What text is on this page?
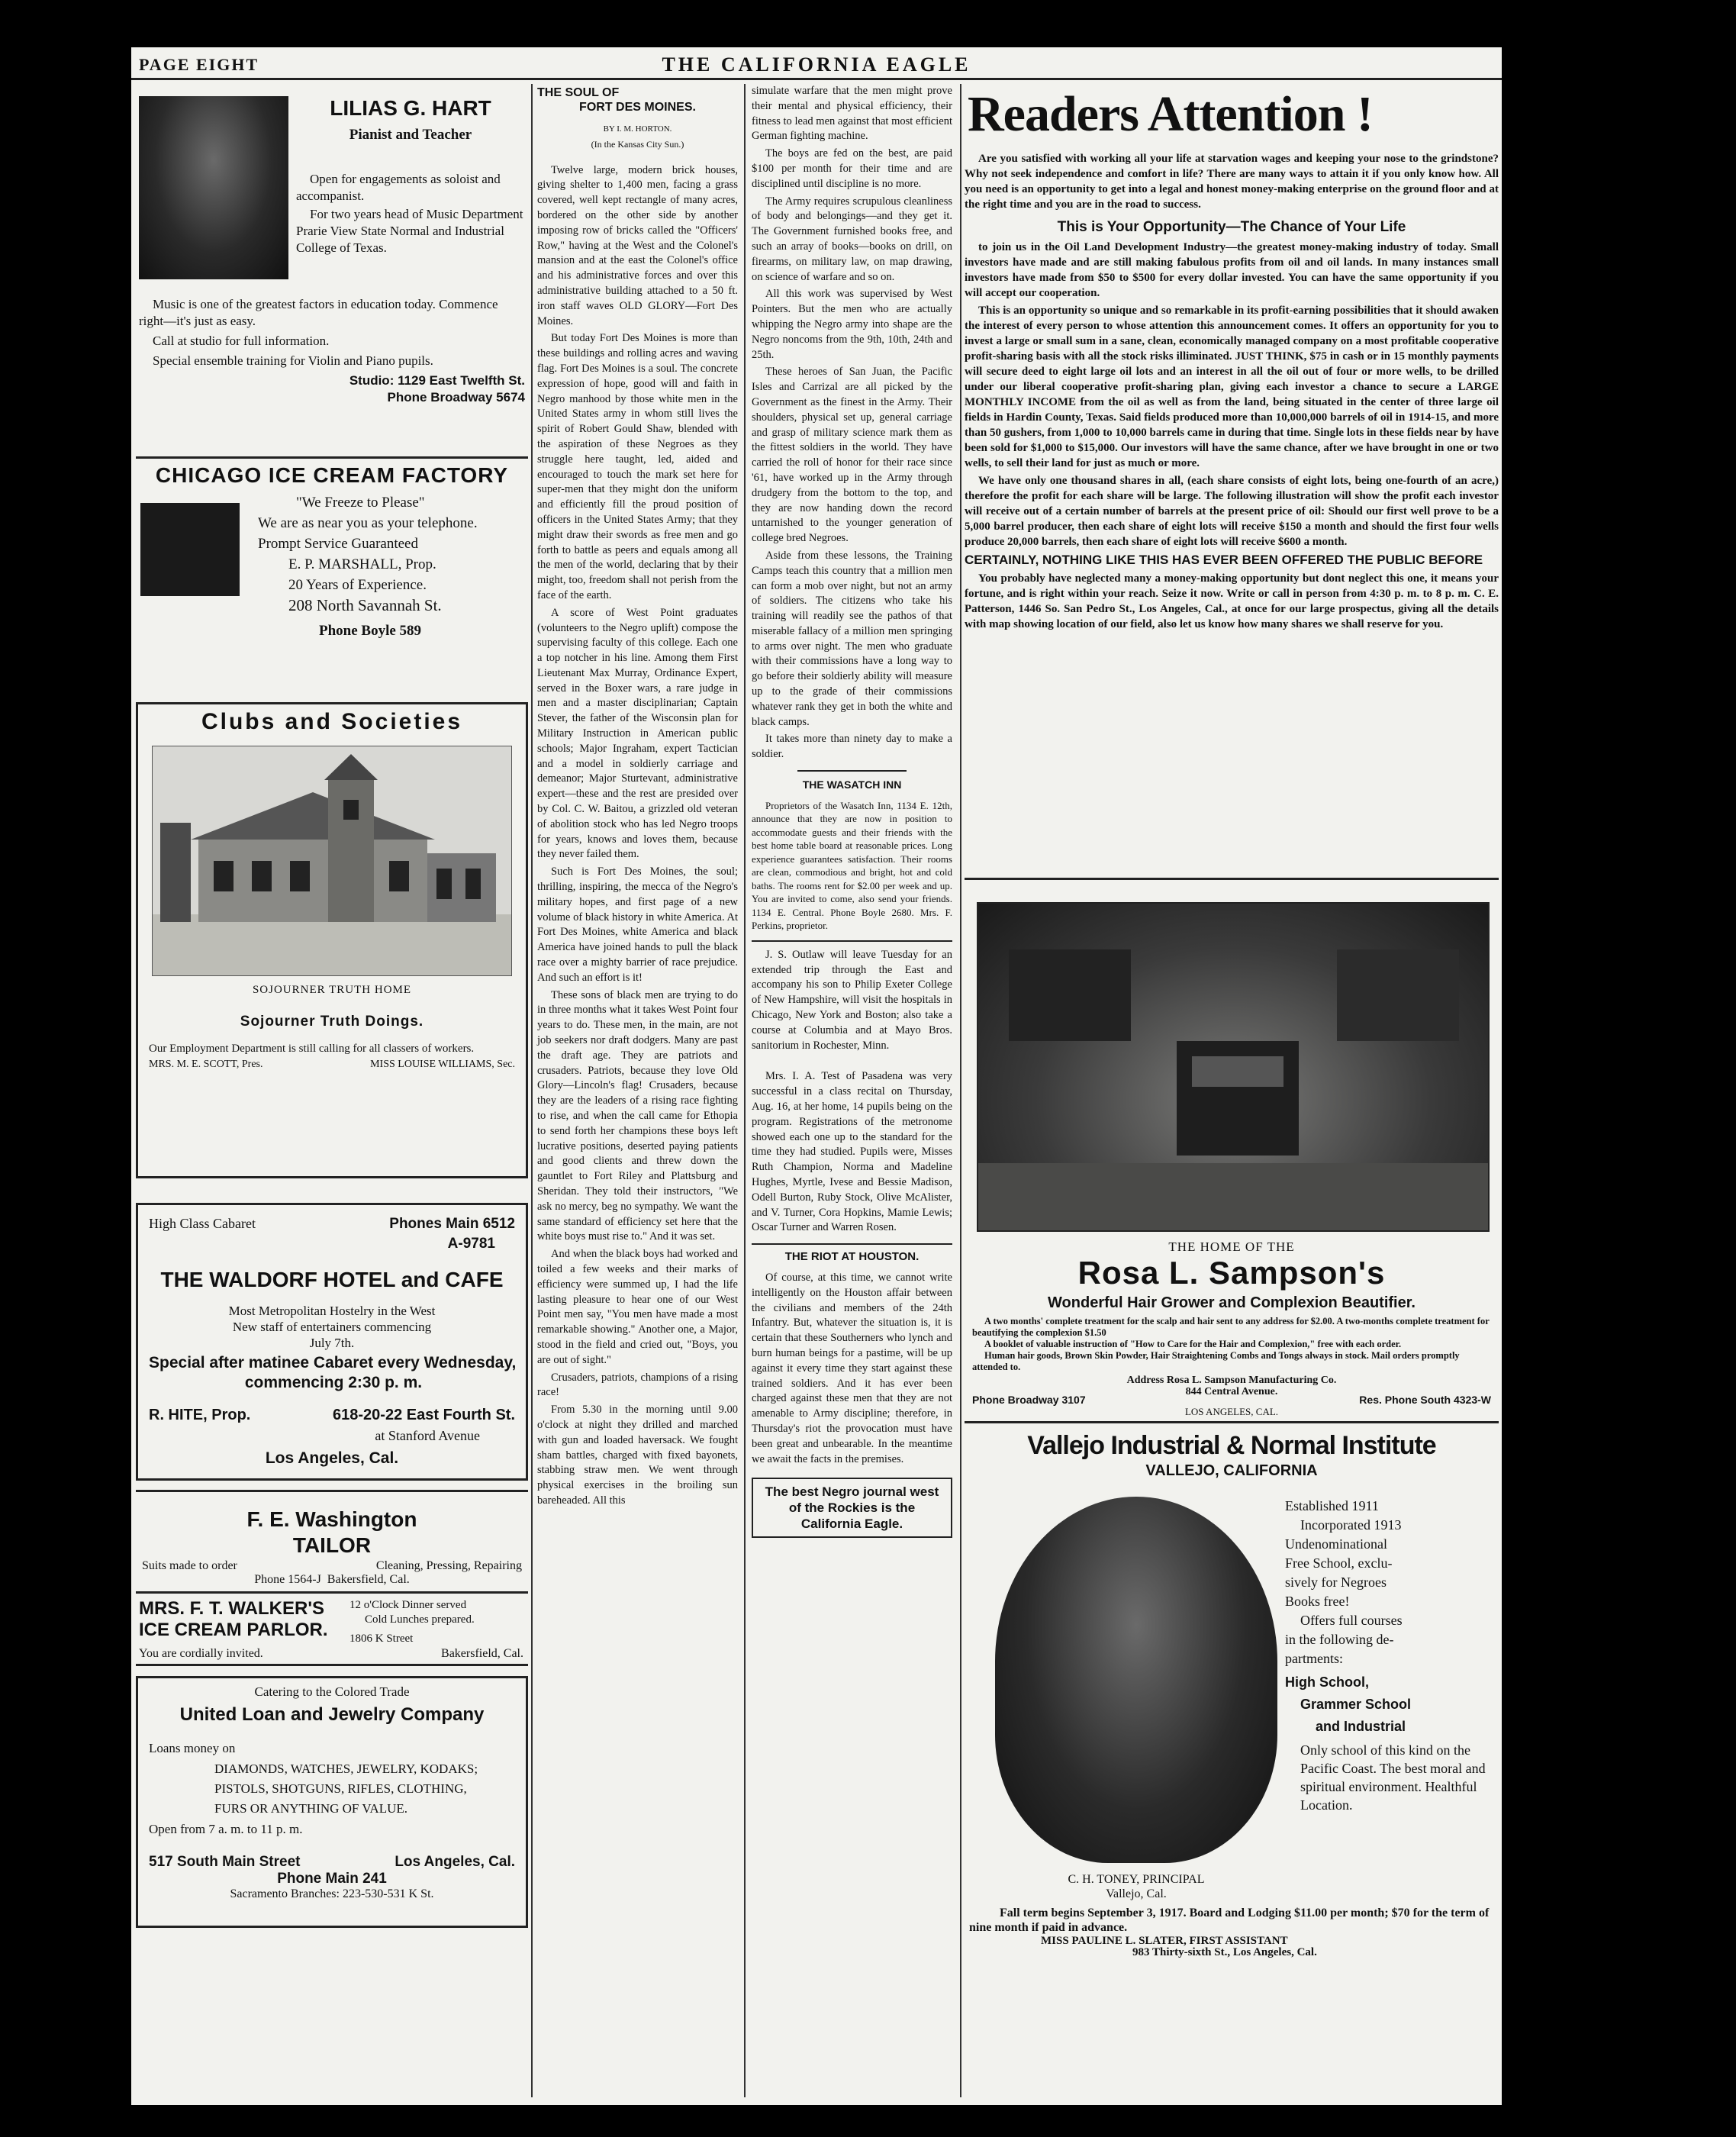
PAGE EIGHT	THE CALIFORNIA EAGLE
LILIAS G. HART
Pianist and Teacher

Open for engagements as soloist and accompanist.

For two years head of Music Department Prarie View State Normal and Industrial College of Texas.

Music is one of the greatest factors in education today. Commence right—it's just as easy.

Call at studio for full information.

Special ensemble training for Violin and Piano pupils.

Studio: 1129 East Twelfth St.
Phone Broadway 5674
CHICAGO ICE CREAM FACTORY
"We Freeze to Please"
We are as near you as your telephone.
Prompt Service Guaranteed
E. P. MARSHALL, Prop.
20 Years of Experience.
208 North Savannah St.
Phone Boyle 589
Clubs and Societies
SOJOURNER TRUTH HOME
Sojourner Truth Doings.
Our Employment Department is still calling for all classers of workers.
MRS. M. E. SCOTT, Pres.	MISS LOUISE WILLIAMS, Sec.
High Class Cabaret	Phones Main 6512
A-9781
THE WALDORF HOTEL and CAFE
Most Metropolitan Hostelry in the West
New staff of entertainers commencing
July 7th.
Special after matinee Cabaret every Wednesday,
commencing 2:30 p. m.
R. HITE, Prop.	618-20-22 East Fourth St.
at Stanford Avenue
Los Angeles, Cal.
F. E. Washington
TAILOR
Suits made to order	Cleaning, Pressing, Repairing
Phone 1564-J Bakersfield, Cal.
MRS. F. T. WALKER'S
ICE CREAM PARLOR.
12 o'Clock Dinner served
Cold Lunches prepared.
1806 K Street
You are cordially invited.	Bakersfield, Cal.
Catering to the Colored Trade
United Loan and Jewelry Company
Loans money on
DIAMONDS, WATCHES, JEWELRY, KODAKS; PISTOLS, SHOTGUNS, RIFLES, CLOTHING, FURS OR ANYTHING OF VALUE.
Open from 7 a. m. to 11 p. m.
517 South Main Street	Los Angeles, Cal.
Phone Main 241
Sacramento Branches: 223-530-531 K St.
THE SOUL OF
FORT DES MOINES.
BY I. M. HORTON.
(In the Kansas City Sun.)

Twelve large, modern brick houses, giving shelter to 1,400 men, facing a grass covered, well kept rectangle of many acres, bordered on the other side by another imposing row of bricks called the "Officers' Row," having at the West and the Colonel's mansion and at the east the Colonel's office and his administrative forces and over this administrative building attached to a 50 ft. iron staff waves OLD GLORY—Fort Des Moines.

But today Fort Des Moines is more than these buildings and rolling acres and waving flag. Fort Des Moines is a soul. The concrete expression of hope, good will and faith in Negro manhood by those white men in the United States army in whom still lives the spirit of Robert Gould Shaw, blended with the aspiration of these Negroes as they struggle here taught, led, aided and encouraged to touch the mark set here for super-men that they might don the uniform and efficiently fill the proud position of officers in the United States Army; that they might draw their swords as free men and go forth to battle as peers and equals among all the men of the world, declaring that by their might, too, freedom shall not perish from the face of the earth.

A score of West Point graduates (volunteers to the Negro uplift) compose the supervising faculty of this college. Each one a top notcher in his line. Among them First Lieutenant Max Murray, Ordinance Expert, served in the Boxer wars, a rare judge in men and a master disciplinarian; Captain Stever, the father of the Wisconsin plan for Military Instruction in American public schools; Major Ingraham, expert Tactician and a model in soldierly carriage and demeanor; Major Sturtevant, administrative expert—these and the rest are presided over by Col. C. W. Baitou, a grizzled old veteran of abolition stock who has led Negro troops for years, knows and loves them, because they never failed them.

Such is Fort Des Moines, the soul; thrilling, inspiring, the mecca of the Negro's military hopes, and first page of a new volume of black history in white America. At Fort Des Moines, white America and black America have joined hands to pull the black race over a mighty barrier of race prejudice. And such an effort is it!

These sons of black men are trying to do in three months what it takes West Point four years to do. These men, in the main, are not job seekers nor draft dodgers. Many are past the draft age. They are patriots and crusaders. Patriots, because they love Old Glory—Lincoln's flag! Crusaders, because they are the leaders of a rising race fighting to rise, and when the call came for Ethopia to send forth her champions these boys left lucrative positions, deserted paying patients and good clients and threw down the gauntlet to Fort Riley and Plattsburg and Sheridan. They told their instructors, "We ask no mercy, beg no sympathy. We want the same standard of efficiency set here that the white boys must rise to." And it was set.

And when the black boys had worked and toiled a few weeks and their marks of efficiency were summed up, I had the life lasting pleasure to hear one of our West Point men say, "You men have made a most remarkable showing." Another one, a Major, stood in the field and cried out, "Boys, you are out of sight."

Crusaders, patriots, champions of a rising race!

From 5.30 in the morning until 9.00 o'clock at night they drilled and marched with gun and loaded haversack. We fought sham battles, charged with fixed bayonets, stabbing straw men. We went through physical exercises in the broiling sun bareheaded. All this

simulate warfare that the men might prove their mental and physical efficiency, their fitness to lead men against that most efficient German fighting machine.

The boys are fed on the best, are paid $100 per month for their time and are disciplined until discipline is no more.

The Army requires scrupulous cleanliness of body and belongings—and they get it. The Government furnished books free, and such an array of books—books on drill, on firearms, on military law, on map drawing, on science of warfare and so on.

All this work was supervised by West Pointers. But the men who are actually whipping the Negro army into shape are the Negro noncoms from the 9th, 10th, 24th and 25th.

These heroes of San Juan, the Pacific Isles and Carrizal are all picked by the Government as the finest in the Army. Their shoulders, physical set up, general carriage and grasp of military science mark them as the fittest soldiers in the world. They have carried the roll of honor for their race since '61, have worked up in the Army through drudgery from the bottom to the top, and they are now handing down the record untarnished to the younger generation of college bred Negroes.

Aside from these lessons, the Training Camps teach this country that a million men can form a mob over night, but not an army of soldiers. The citizens who take his training will readily see the pathos of that miserable fallacy of a million men springing to arms over night. The men who graduate with their commissions have a long way to go before their soldierly ability will measure up to the grade of their commissions whatever rank they get in both the white and black camps.

It takes more than ninety day to make a soldier.

THE WASATCH INN

Proprietors of the Wasatch Inn, 1134 E. 12th, announce that they are now in position to accommodate guests and their friends with the best home table board at reasonable prices. Long experience guarantees satisfaction. Their rooms are clean, commodious and bright, hot and cold baths. The rooms rent for $2.00 per week and up. You are invited to come, also send your friends. 1134 E. Central. Phone Boyle 2680. Mrs. F. Perkins, proprietor.

J. S. Outlaw will leave Tuesday for an extended trip through the East and accompany his son to Philip Exeter College of New Hampshire, will visit the hospitals in Chicago, New York and Boston; also take a course at Columbia and at Mayo Bros. sanitorium in Rochester, Minn.

Mrs. I. A. Test of Pasadena was very successful in a class recital on Thursday, Aug. 16, at her home, 14 pupils being on the program. Registrations of the metronome showed each one up to the standard for the time they had studied. Pupils were, Misses Ruth Champion, Norma and Madeline Hughes, Myrtle, Ivese and Bessie Madison, Odell Burton, Ruby Stock, Olive McAlister, and V. Turner, Cora Hopkins, Mamie Lewis; Oscar Turner and Warren Rosen.

THE RIOT AT HOUSTON.

Of course, at this time, we cannot write intelligently on the Houston affair between the civilians and members of the 24th Infantry. But, whatever the situation is, it is certain that these Southerners who lynch and burn human beings for a pastime, will be up against it every time they start against these trained soldiers. And it has ever been charged against these men that they are not amenable to Army discipline; therefore, in Thursday's riot the provocation must have been great and unbearable. In the meantime we await the facts in the premises.

The best Negro journal west of the Rockies is the California Eagle.
Readers Attention !

Are you satisfied with working all your life at starvation wages and keeping your nose to the grindstone? Why not seek independence and comfort in life? There are many ways to attain it if you only know how. All you need is an opportunity to get into a legal and honest money-making enterprise on the ground floor and at the right time and you are in the road to success.

This is Your Opportunity—The Chance of Your Life

to join us in the Oil Land Development Industry—the greatest money-making industry of today. Small investors have made and are still making fabulous profits from oil and oil lands. In many instances small investors have made from $50 to $500 for every dollar invested. You can have the same opportunity if you will accept our cooperation.

This is an opportunity so unique and so remarkable in its profit-earning possibilities that it should awaken the interest of every person to whose attention this announcement comes. It offers an opportunity for you to invest a large or small sum in a sane, clean, economically managed company on a most profitable cooperative profit-sharing basis with all the stock risks illiminated. JUST THINK, $75 in cash or in 15 monthly payments will secure deed to eight large oil lots and an interest in all the oil out of four or more wells, to be drilled under our liberal cooperative profit-sharing plan, giving each investor a chance to secure a LARGE MONTHLY INCOME from the oil as well as from the land, being situated in the center of three large oil fields in Hardin County, Texas. Said fields produced more than 10,000,000 barrels of oil in 1914-15, and more than 50 gushers, from 1,000 to 10,000 barrels came in during that time. Single lots in these fields near by have been sold for $1,000 to $15,000. Our investors will have the same chance, after we have brought in one or two wells, to sell their land for just as much or more.

We have only one thousand shares in all, (each share consists of eight lots, being one-fourth of an acre,) therefore the profit for each share will be large. The following illustration will show the profit each investor will receive out of a certain number of barrels at the present price of oil: Should our first well prove to be a 5,000 barrel producer, then each share of eight lots will receive $150 a month and should the first four wells produce 20,000 barrels, then each share of eight lots will receive $600 a month.

CERTAINLY, NOTHING LIKE THIS HAS EVER BEEN OFFERED THE PUBLIC BEFORE

You probably have neglected many a money-making opportunity but dont neglect this one, it means your fortune, and is right within your reach. Seize it now. Write or call in person from 4:30 p. m. to 8 p. m. C. E. Patterson, 1446 So. San Pedro St., Los Angeles, Cal., at once for our large prospectus, giving all the details with map showing location of our field, also let us know how many shares we shall reserve for you.

THE HOME OF THE
Rosa L. Sampson's
Wonderful Hair Grower and Complexion Beautifier.

A two months' complete treatment for the scalp and hair sent to any address for $2.00. A two-months complete treatment for beautifying the complexion $1.50

A booklet of valuable instruction of "How to Care for the Hair and Complexion," free with each order.

Human hair goods, Brown Skin Powder, Hair Straightening Combs and Tongs always in stock. Mail orders promptly attended to.

Address Rosa L. Sampson Manufacturing Co.
844 Central Avenue.
Phone Broadway 3107	Res. Phone South 4323-W
LOS ANGELES, CAL.
Vallejo Industrial & Normal Institute
VALLEJO, CALIFORNIA
Established 1911
Incorporated 1913
Undenominational
Free School, exclu-
sively for Negroes
Books free!
Offers full courses
in the following de-
partments:
High School,
Grammer School
and Industrial
Only school of this kind on the Pacific Coast. The best moral and spiritual environment. Healthful Location.
C. H. TONEY, PRINCIPAL
Vallejo, Cal.
Fall term begins September 3, 1917. Board and Lodging $11.00 per month; $70 for the term of nine month if paid in advance.
MISS PAULINE L. SLATER, FIRST ASSISTANT
983 Thirty-sixth St., Los Angeles, Cal.
